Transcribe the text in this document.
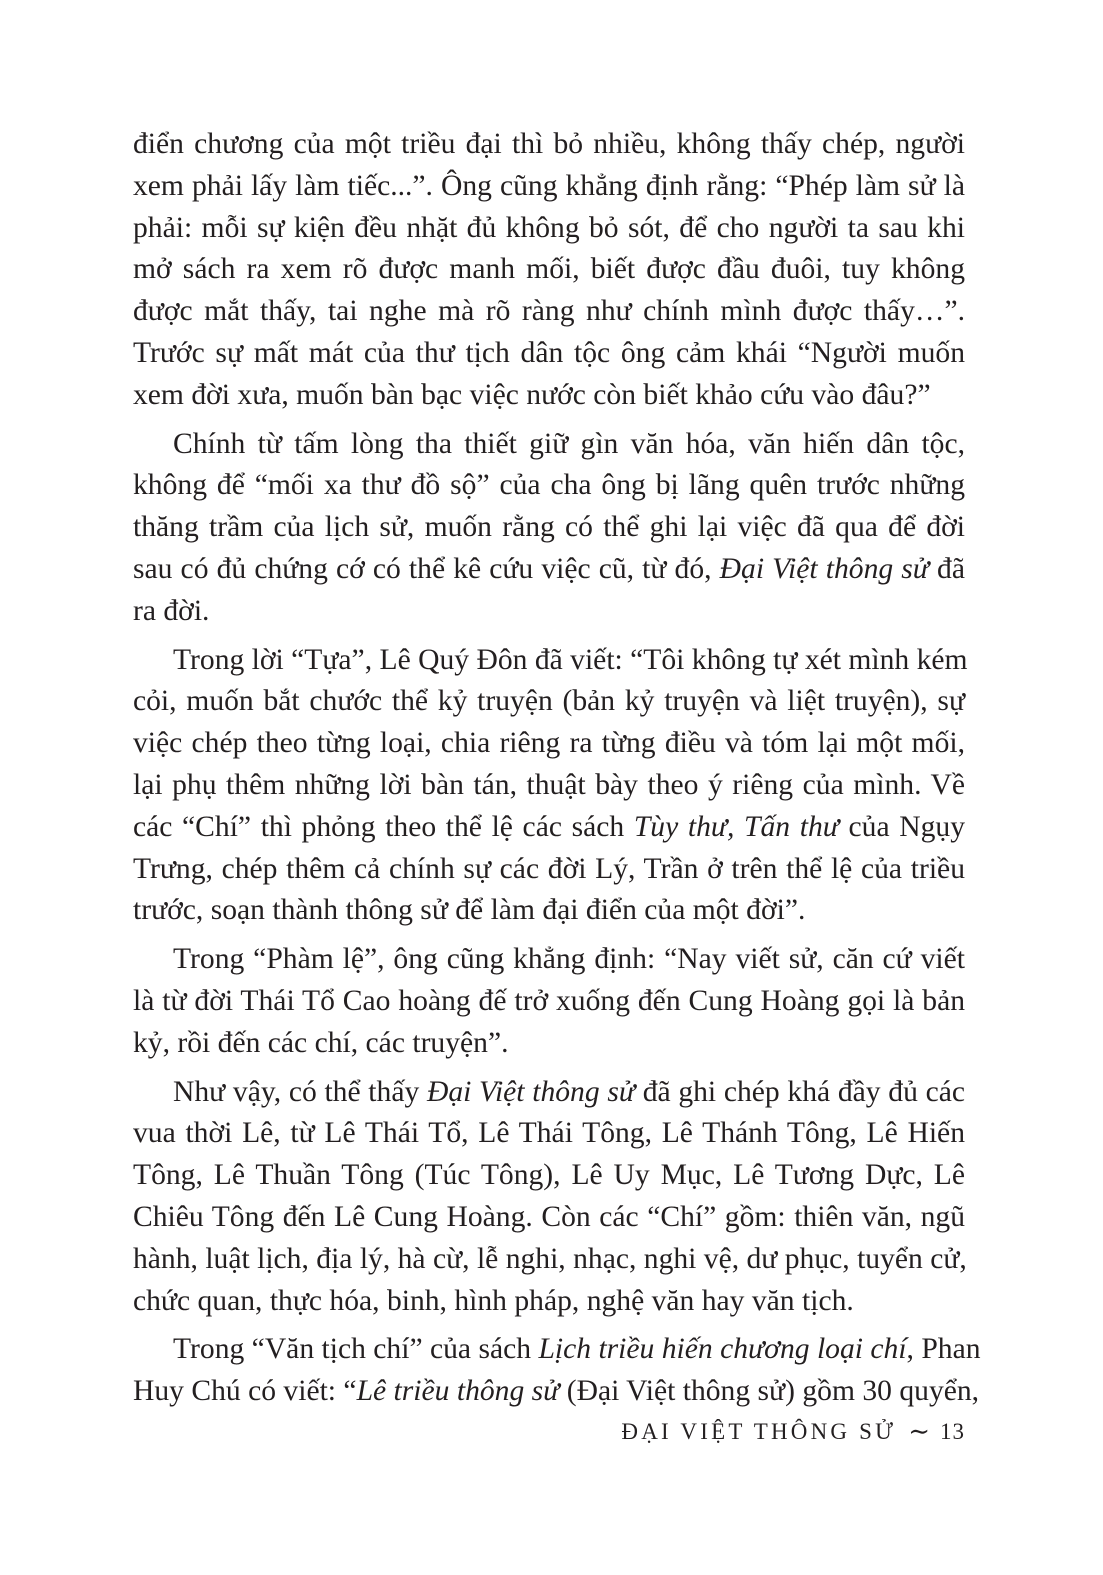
điển chương của một triều đại thì bỏ nhiều, không thấy chép, người
xem phải lấy làm tiếc...”. Ông cũng khẳng định rằng: “Phép làm sử là
phải: mỗi sự kiện đều nhặt đủ không bỏ sót, để cho người ta sau khi
mở sách ra xem rõ được manh mối, biết được đầu đuôi, tuy không
được mắt thấy, tai nghe mà rõ ràng như chính mình được thấy…”.
Trước sự mất mát của thư tịch dân tộc ông cảm khái “Người muốn
xem đời xưa, muốn bàn bạc việc nước còn biết khảo cứu vào đâu?”

Chính từ tấm lòng tha thiết giữ gìn văn hóa, văn hiến dân tộc,
không để “mối xa thư đồ sộ” của cha ông bị lãng quên trước những
thăng trầm của lịch sử, muốn rằng có thể ghi lại việc đã qua để đời
sau có đủ chứng cớ có thể kê cứu việc cũ, từ đó, Đại Việt thông sử đã
ra đời.

Trong lời “Tựa”, Lê Quý Đôn đã viết: “Tôi không tự xét mình kém
cỏi, muốn bắt chước thể kỷ truyện (bản kỷ truyện và liệt truyện), sự
việc chép theo từng loại, chia riêng ra từng điều và tóm lại một mối,
lại phụ thêm những lời bàn tán, thuật bày theo ý riêng của mình. Về
các “Chí” thì phỏng theo thể lệ các sách Tùy thư, Tấn thư của Ngụy
Trưng, chép thêm cả chính sự các đời Lý, Trần ở trên thể lệ của triều
trước, soạn thành thông sử để làm đại điển của một đời”.

Trong “Phàm lệ”, ông cũng khẳng định: “Nay viết sử, căn cứ viết
là từ đời Thái Tổ Cao hoàng đế trở xuống đến Cung Hoàng gọi là bản
kỷ, rồi đến các chí, các truyện”.

Như vậy, có thể thấy Đại Việt thông sử đã ghi chép khá đầy đủ các
vua thời Lê, từ Lê Thái Tổ, Lê Thái Tông, Lê Thánh Tông, Lê Hiến
Tông, Lê Thuần Tông (Túc Tông), Lê Uy Mục, Lê Tương Dực, Lê
Chiêu Tông đến Lê Cung Hoàng. Còn các “Chí” gồm: thiên văn, ngũ
hành, luật lịch, địa lý, hà cừ, lễ nghi, nhạc, nghi vệ, dư phục, tuyển cử,
chức quan, thực hóa, binh, hình pháp, nghệ văn hay văn tịch.

Trong “Văn tịch chí” của sách Lịch triều hiến chương loại chí, Phan
Huy Chú có viết: “Lê triều thông sử (Đại Việt thông sử) gồm 30 quyển,

ĐẠI VIỆT THÔNG SỬ ∼ 13
